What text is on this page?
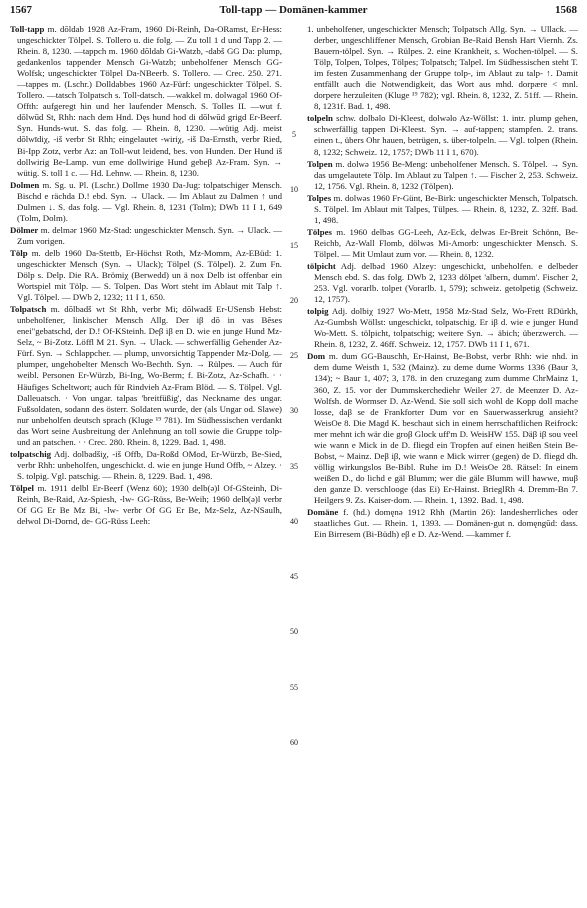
1567	Toll-tapp — Domänen-kammer	1568
Toll-tapp m. dōldab 1928 Az-Fram, 1960 Di-Reinh, Da-ORamst, Er-Hess: ungeschickter Tölpel. S. Tollero u. die folg. — Zu toll 1 d und Tapp 2. — Rhein. 8, 1230. —tappch m. 1960 dōldab Gi-Watzb, -dabš GG Da: plump, gedankenlos tappender Mensch Gi-Watzb; unbeholfener Mensch GG-Wolfsk; ungeschickter Tölpel Da-NBeerb. S. Tollero. — Crec. 250. 271. —tappes m. (Lschr.) Dolldabbes 1960 Az-Fürf: ungeschickter Tölpel. S. Tollero. —tatsch Tolpatsch s. Toll-datsch. —wakkel m. dolwagəl 1960 Of-Offth: aufgeregt hin und her laufender Mensch. S. Tolles II. —wut f. dōlwūd St, Rhh: nach dem Hnd. Dęs hund hod di dōlwūd grigd Er-Beerf. Syn. Hunds-wut. S. das folg. — Rhein. 8, 1230. —wütig Adj. meist dōlwīdiχ, -iš verbr St Rhh; eingelautet -wiriχ, -iš Da-Ernsth, verbr Ried, Bi-Ipp Zotz, verbr Az: an Toll-wut leidend, bes. von Hunden. Der Hund iš dollwirig Be-Lamp. vun eme dollwirige Hund gebeβ Az-Fram. Syn. → wütig. S. toll 1 c. — Hd. Lehnw. — Rhein. 8, 1230.
Dolmen m. Sg. u. Pl. (Lschr.) Dollme 1930 Da-Jug: tolpatschiger Mensch. Bischd e rächda D.! ebd. Syn. → Ulack. — Im Ablaut zu Dalmen ↑ und Dulmen ↓. S. das folg. — Vgl. Rhein. 8, 1231 (Tolm); DWb 11 I 1, 649 (Tolm, Dolm).
Dölmer m. delmər 1960 Mz-Stad: ungeschickter Mensch. Syn. → Ulack. — Zum vorigen.
Tölp m. delb 1960 Da-Stettb, Er-Höchst Roth, Mz-Momm, Az-EBüd: 1. ungeschickter Mensch (Syn. → Ulack); Tölpel (S. Tölpel). 2. Zum Fn. Dölp s. Delp. Die RA. Brömiχ (Berwedd) un ä nox Delb ist offenbar ein Wortspiel mit Tölp. — S. Tolpen. Das Wort steht im Ablaut mit Talp ↑. Vgl. Tölpel. — DWb 2, 1232; 11 I 1, 650.
Tolpatsch m. dōlbadš wt St Rhh, verbr Mi; dōlwadš Er-USensb Hebst: unbeholfener, linkischer Mensch Allg. Der iβ dō in vas Bēses enei"gebatschd, der D.! Of-KSteinh. Deβ iβ en D. wie en junge Hund Mz-Selz, ~ Bi-Zotz. Löffl M 21. Syn. → Ulack. — schwerfällig Gehender Az-Fürf. Syn. → Schlappcher. — plump, unvorsichtig Tappender Mz-Dolg. — plumper, ungehobelter Mensch Wo-Bechth. Syn. → Rülpes. — Auch für weibl. Personen Er-Würzb, Bi-Ing, Wo-Berm; f. Bi-Zotz, Az-Schafh. · · Häufiges Scheltwort; auch für Rindvieh Az-Fram Blöd. — S. Tölpel. Vgl. Dalleuatsch. · Von ungar. talpas 'breitfüßig', das Neckname des ungar. Fußsoldaten, sodann des österr. Soldaten wurde, der (als Ungar od. Slawe) nur unbeholfen deutsch sprach (Kluge ¹⁹ 781). Im Südhessischen verdankt das Wort seine Ausbreitung der Anlehnung an toll sowie die Gruppe tolp- und an patschen. · · Crec. 280. Rhein. 8, 1229. Bad. 1, 498.
tolpatschig Adj. dolbadšiχ, -iš Offb, Da-Roßd OMod, Er-Würzb, Be-Sied, verbr Rhh: unbeholfen, ungeschickt. d. wie en junge Hund Offb, ~ Alzey. · S. tolpig. Vgl. patschig. — Rhein. 8, 1229. Bad. 1, 498.
Tölpel m. 1911 delbl Er-Beerf (Wenz 60); 1930 delb(ə)l Of-GSteinh, Di-Reinh, Be-Raid, Az-Spiesh, -lw- GG-Rüss, Be-Weih; 1960 delb(ə)l verbr Of GG Er Be Mz Bi, -lw- verbr Of GG Er Be, Mz-Selz, Az-NSaulh, dełwol Di-Dornd, de- GG-Rüss Leeh:
5
10
15
20
25
30
35
40
45
50
55
60
1. unbeholfener, ungeschickter Mensch; Tolpatsch Allg. Syn. → Ullack. — derber, ungeschliffener Mensch, Grobian Be-Raid Bensh Hart Viernh. Zs. Bauern-tölpel. Syn. → Rülpes. 2. eine Krankheit, s. Wochen-tölpel. — S. Tölp, Tolpen, Tolpes, Tölpes; Tolpatsch; Talpel. Im Südhessischen steht T. im festen Zusammenhang der Gruppe tolp-, im Ablaut zu talp- ↑. Damit entfällt auch die Notwendigkeit, das Wort aus mhd. dorpære < mnl. dorpere herzuleiten (Kluge ¹⁹ 782); vgl. Rhein. 8, 1232, Z. 51ff. — Rhein. 8, 1231f. Bad. 1, 498.
tolpeln schw. dolbəlo Di-Kleest, dolwəlo Az-Wöllst: 1. intr. plump gehen, schwerfällig tappen Di-Kleest. Syn. → auf-tappen; stampfen. 2. trans. einen t., übers Ohr hauen, betrügen, s. über-tolpeln. — Vgl. tolpen (Rhein. 8, 1232; Schweiz. 12, 1757; DWb 11 I 1, 670).
Tolpen m. dolwə 1956 Be-Meng: unbeholfener Mensch. S. Tölpel. → Syn. das umgelautete Tölp. Im Ablaut zu Talpen ↑. — Fischer 2, 253. Schweiz. 12, 1756. Vgl. Rhein. 8, 1232 (Tölpen).
Tolpes m. dolwəs 1960 Fr-Günt, Be-Birk: ungeschickter Mensch, Tolpatsch. S. Tölpel. Im Ablaut mit Talpes, Tülpes. — Rhein. 8, 1232, Z. 32ff. Bad. 1, 498.
Tölpes m. 1960 delbəs GG-Leeh, Az-Eck, delwəs Er-Breit Schönn, Be-Reichb, Az-Wall Flomb, dölwəs Mi-Amorb: ungeschickter Mensch. S. Tölpel. — Mit Umlaut zum vor. — Rhein. 8, 1232.
tölpicht Adj. delbəd 1960 Alzey: ungeschickt, unbeholfen. e delbeder Mensch ebd. S. das folg. DWb 2, 1233 dölpet 'albern, dumm'. Fischer 2, 253. Vgl. vorarlb. tolpet (Vorarlb. 1, 579); schweiz. getolpetig (Schweiz. 12, 1757).
tolpig Adj. dolbiχ 1927 Wo-Mett, 1958 Mz-Stad Selz, Wo-Frett RDürkh, Az-Gumbsh Wöllst: ungeschickt, tolpatschig. Er iβ d. wie e junger Hund Wo-Mett. S. tölpicht, tolpatschig; weitere Syn. → äbich; überzwerch. — Rhein. 8, 1232, Z. 46ff. Schweiz. 12, 1757. DWb 11 I 1, 671.
Dom m. dum GG-Bauschh, Er-Hainst, Be-Bobst, verbr Rhh: wie nhd. in dem dume Weisth 1, 532 (Mainz). zu deme dume Worms 1336 (Baur 3, 134); ~ Baur 1, 407; 3, 178. in den cruzegang zum dumme ChrMainz 1, 360, Z. 15. vor der Dummskerchediehr Weiler 27. de Meenzer D. Az-Wolfsh. de Wormser D. Az-Wend. Sie soll sich wohl de Kopp doll mache losse, daβ se de Frankforter Dum vor en Sauerwasserkrug ansieht? WeisOe 8. Die Magd K. beschaut sich in einem herrschaftlichen Reifrock: mer mehnt ich wär die groβ Glock uff'm D. WeisHW 155. Däβ iβ sou veel wie wann e Mick in de D. fliegd ein Tropfen auf einen heißen Stein Be-Bobst, ~ Mainz. Deβ iβ, wie wann e Mick wirrer (gegen) de D. fliegd dh. völlig wirkungslos Be-Bibl. Ruhe im D.! WeisOe 28. Rätsel: In einem weißen D., do lichd e gäl Blumm; wer die gäle Blumm will hawwe, muβ den ganze D. verschlooge (das Ei) Er-Hainst. BrieglRh 4. Dremm-Bn 7. Heilgers 9. Zs. Kaiser-dom. — Rhein. 1, 1392. Bad. 1, 498.
Domäne f. (hd.) domęnə 1912 Rhh (Martin 26): landesherrliches oder staatliches Gut. — Rhein. 1, 1393. — Domänen-gut n. domęngūd: dass. Ein Birresem (Bi-Büdh) eβ e D. Az-Wend. —kammer f.
